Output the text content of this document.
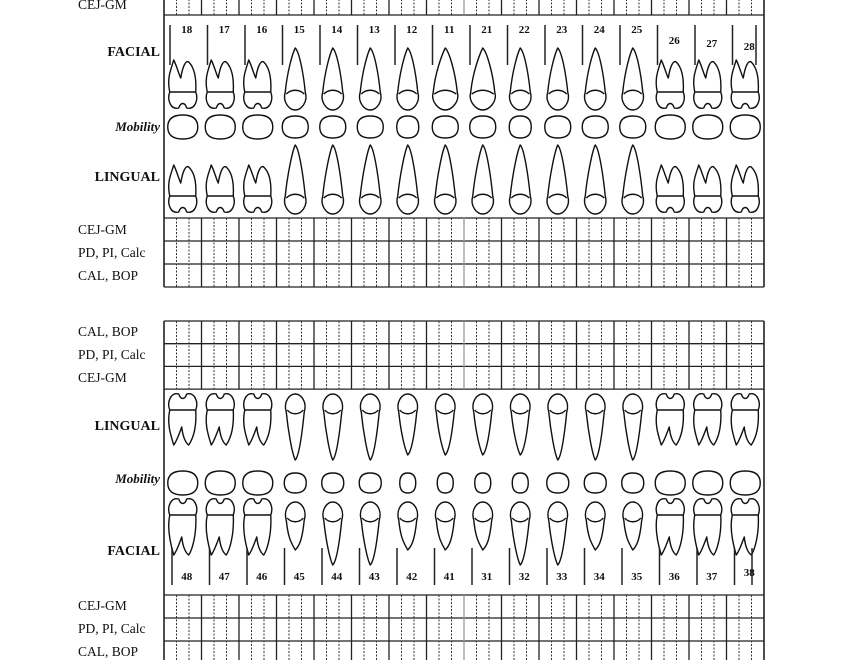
CEJ-GM
FACIAL
Mobility
LINGUAL
CEJ-GM
PD, PI, Calc
CAL, BOP
CAL, BOP
PD, PI, Calc
CEJ-GM
LINGUAL
Mobility
FACIAL
CEJ-GM
PD, PI, Calc
CAL, BOP
18 17 16 15 14 13 12 11 21 22 23 24 25
26 27 28
48 47 46 45 44 43 42 41 31 32 33 34 35 36 37 38
